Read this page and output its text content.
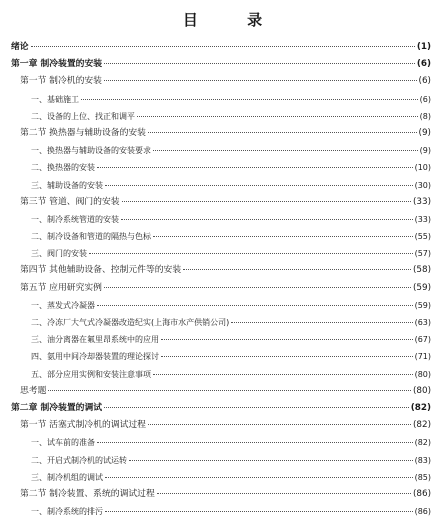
目 录
绪论	(1)
第一章 制冷装置的安装	(6)
第一节 制冷机的安装	(6)
一、基础施工	(6)
二、设备的上位、找正和调平	(8)
第二节 换热器与辅助设备的安装	(9)
一、换热器与辅助设备的安装要求	(9)
二、换热器的安装	(10)
三、辅助设备的安装	(30)
第三节 管道、阀门的安装	(33)
一、制冷系统管道的安装	(33)
二、制冷设备和管道的隔热与色标	(55)
三、阀门的安装	(57)
第四节 其他辅助设备、控制元件等的安装	(58)
第五节 应用研究实例	(59)
一、蒸发式冷凝器	(59)
二、冷冻厂大气式冷凝器改造纪实(上海市水产供销公司)	(63)
三、油分离器在氟里昂系统中的应用	(67)
四、氨用中间冷却器装置的理论探讨	(71)
五、部分应用实例和安装注意事项	(80)
思考题	(80)
第二章 制冷装置的调试	(82)
第一节 活塞式制冷机的调试过程	(82)
一、试车前的准备	(82)
二、开启式制冷机的试运转	(83)
三、制冷机组的调试	(85)
第二节 制冷装置、系统的调试过程	(86)
一、制冷系统的排污	(86)
